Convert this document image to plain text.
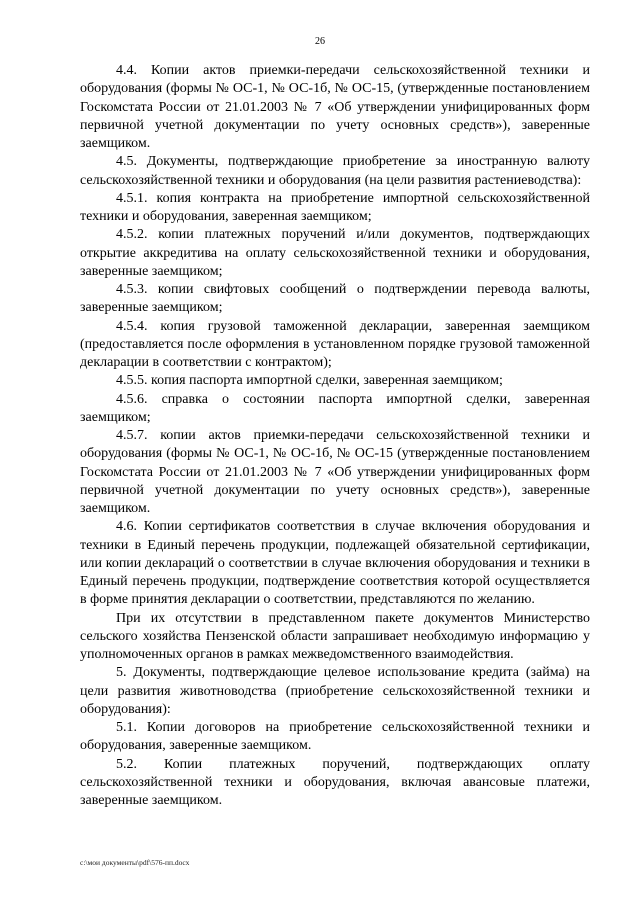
26

4.4. Копии актов приемки-передачи сельскохозяйственной техники и оборудования (формы № ОС-1, № ОС-1б, № ОС-15, (утвержденные постановлением Госкомстата России от 21.01.2003 № 7 «Об утверждении унифицированных форм первичной учетной документации по учету основных средств»), заверенные заемщиком.

4.5. Документы, подтверждающие приобретение за иностранную валюту сельскохозяйственной техники и оборудования (на цели развития растениеводства):

4.5.1. копия контракта на приобретение импортной сельскохозяйственной техники и оборудования, заверенная заемщиком;

4.5.2. копии платежных поручений и/или документов, подтверждающих открытие аккредитива на оплату сельскохозяйственной техники и оборудования, заверенные заемщиком;

4.5.3. копии свифтовых сообщений о подтверждении перевода валюты, заверенные заемщиком;

4.5.4. копия грузовой таможенной декларации, заверенная заемщиком (предоставляется после оформления в установленном порядке грузовой таможенной декларации в соответствии с контрактом);

4.5.5. копия паспорта импортной сделки, заверенная заемщиком;

4.5.6. справка о состоянии паспорта импортной сделки, заверенная заемщиком;

4.5.7. копии актов приемки-передачи сельскохозяйственной техники и оборудования (формы № ОС-1, № ОС-1б, № ОС-15 (утвержденные постановлением Госкомстата России от 21.01.2003 № 7 «Об утверждении унифицированных форм первичной учетной документации по учету основных средств»), заверенные заемщиком.

4.6. Копии сертификатов соответствия в случае включения оборудования и техники в Единый перечень продукции, подлежащей обязательной сертификации, или копии деклараций о соответствии в случае включения оборудования и техники в Единый перечень продукции, подтверждение соответствия которой осуществляется в форме принятия декларации о соответствии, представляются по желанию.

При их отсутствии в представленном пакете документов Министерство сельского хозяйства Пензенской области запрашивает необходимую информацию у уполномоченных органов в рамках межведомственного взаимодействия.

5. Документы, подтверждающие целевое использование кредита (займа) на цели развития животноводства (приобретение сельскохозяйственной техники и оборудования):

5.1. Копии договоров на приобретение сельскохозяйственной техники и оборудования, заверенные заемщиком.

5.2. Копии платежных поручений, подтверждающих оплату сельскохозяйственной техники и оборудования, включая авансовые платежи, заверенные заемщиком.

c:\мои документы\pdf\576-пп.docx
